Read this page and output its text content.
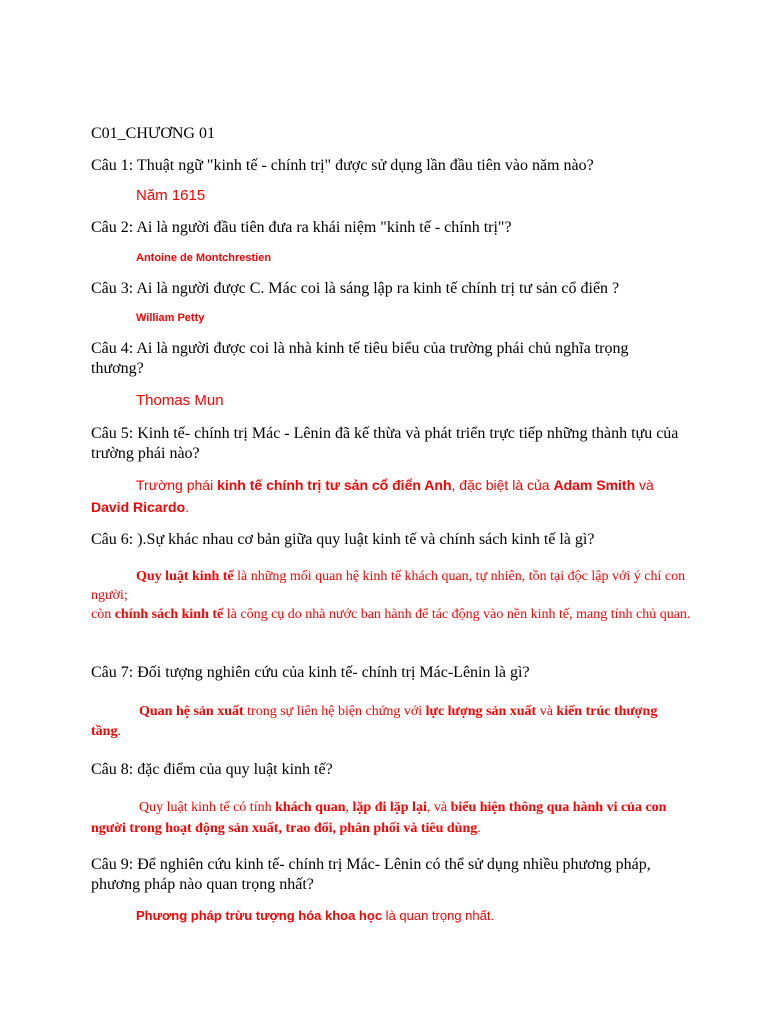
C01_CHƯƠNG 01

Câu 1: Thuật ngữ "kinh tế - chính trị" được sử dụng lần đầu tiên vào năm nào?

Năm 1615

Câu 2: Ai là người đầu tiên đưa ra khái niệm "kinh tế - chính trị"?

Antoine de Montchrestien

Câu 3: Ai là người được C. Mác coi là sáng lập ra kinh tế chính trị tư sản cổ điển ?

William Petty

Câu 4: Ai là người được coi là nhà kinh tế tiêu biểu của trường phái chủ nghĩa trọng thương?

Thomas Mun

Câu 5: Kinh tế- chính trị Mác - Lênin đã kế thừa và phát triển trực tiếp những thành tựu của trường phái nào?

Trường phái kinh tế chính trị tư sản cổ điển Anh, đặc biệt là của Adam Smith và David Ricardo.

Câu 6: ).Sự khác nhau cơ bản giữa quy luật kinh tế và chính sách kinh tế là gì?

Quy luật kinh tế là những mối quan hệ kinh tế khách quan, tự nhiên, tồn tại độc lập với ý chí con người;

còn chính sách kinh tế là công cụ do nhà nước ban hành để tác động vào nền kinh tế, mang tính chủ quan.

Câu 7: Đối tượng nghiên cứu của kinh tế- chính trị Mác-Lênin là gì?

Quan hệ sản xuất trong sự liên hệ biện chứng với lực lượng sản xuất và kiến trúc thượng tầng.

Câu 8: đặc điểm của quy luật kinh tế?

Quy luật kinh tế có tính khách quan, lặp đi lặp lại, và biểu hiện thông qua hành vi của con người trong hoạt động sản xuất, trao đổi, phân phối và tiêu dùng.

Câu 9: Để nghiên cứu kinh tế- chính trị Mác- Lênin có thể sử dụng nhiều phương pháp, phương pháp nào quan trọng nhất?

Phương pháp trừu tượng hóa khoa học là quan trọng nhất.
